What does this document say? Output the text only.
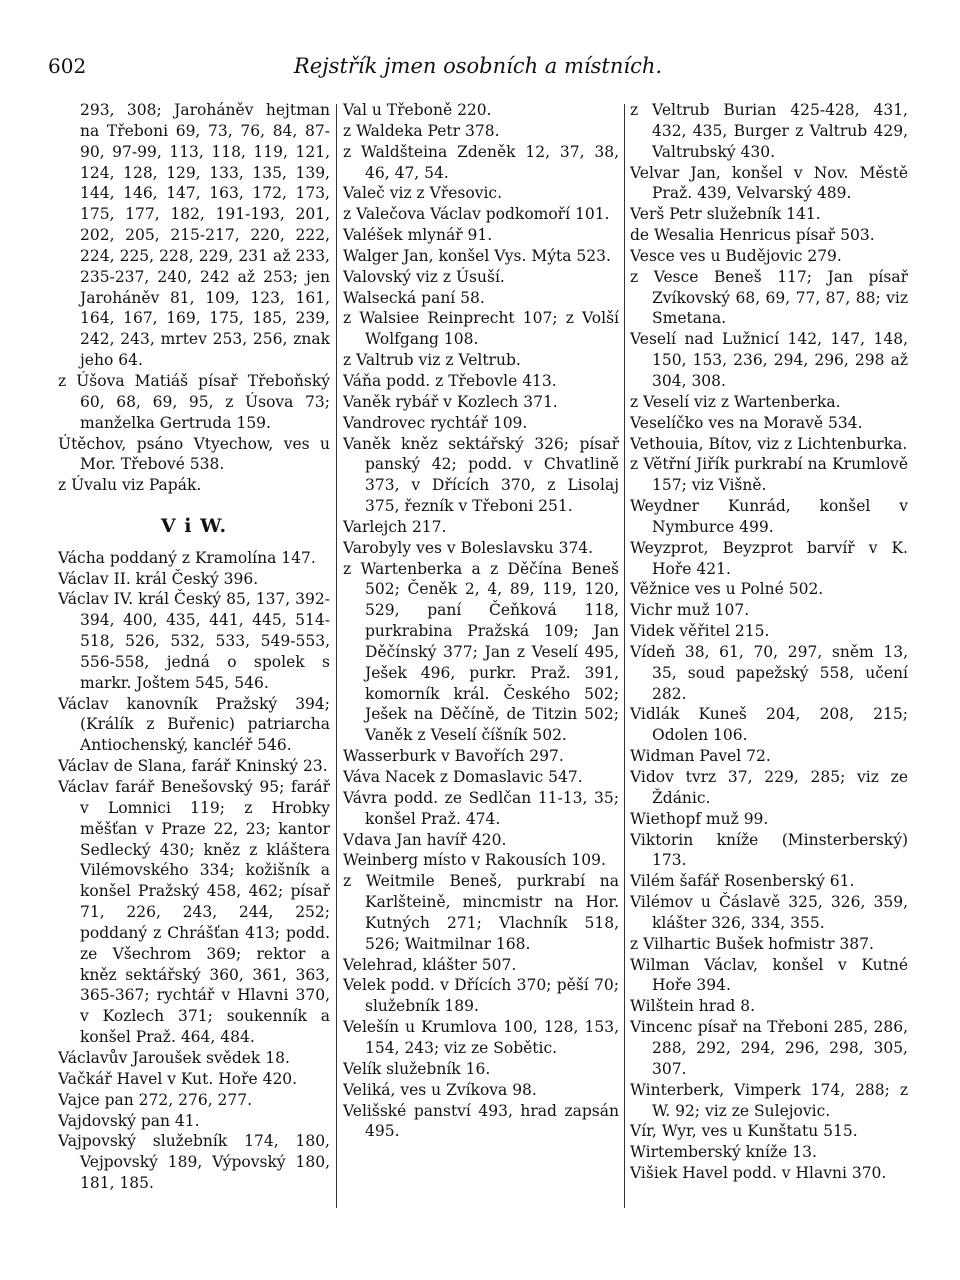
602	Rejstřík jmen osobních a místních.

293, 308; Jaroháněv hejtman na Třeboni 69, 73, 76, 84, 87-90, 97-99, 113, 118, 119, 121, 124, 128, 129, 133, 135, 139, 144, 146, 147, 163, 172, 173, 175, 177, 182, 191-193, 201, 202, 205, 215-217, 220, 222, 224, 225, 228, 229, 231 až 233, 235-237, 240, 242 až 253; jen Jaroháněv 81, 109, 123, 161, 164, 167, 169, 175, 185, 239, 242, 243, mrtev 253, 256, znak jeho 64.

z Úšova Matiáš písař Třeboňský 60, 68, 69, 95, z Úsova 73; manželka Gertruda 159.

Útěchov, psáno Vtyechow, ves u Mor. Třebové 538.

z Úvalu viz Papák.

V i W.

Vácha poddaný z Kramolína 147.

Václav II. král Český 396.

Václav IV. král Český 85, 137, 392-394, 400, 435, 441, 445, 514-518, 526, 532, 533, 549-553, 556-558, jedná o spolek s markr. Joštem 545, 546.

Václav kanovník Pražský 394; (Králík z Buřenic) patriarcha Antiochenský, kancléř 546.

Václav de Slana, farář Kninský 23.

Václav farář Benešovský 95; farář v Lomnici 119; z Hrobky měšťan v Praze 22, 23; kantor Sedlecký 430; kněz z kláštera Vilémovského 334; kožišník a konšel Pražský 458, 462; písař 71, 226, 243, 244, 252; poddaný z Chrášťan 413; podd. ze Všechrom 369; rektor a kněz sektářský 360, 361, 363, 365-367; rychtář v Hlavni 370, v Kozlech 371; soukenník a konšel Praž. 464, 484.

Václavův Jaroušek svědek 18.

Vačkář Havel v Kut. Hoře 420.

Vajce pan 272, 276, 277.

Vajdovský pan 41.

Vajpovský služebník 174, 180, Vejpovský 189, Výpovský 180, 181, 185.

Val u Třeboně 220.

z Waldeka Petr 378.

z Waldšteina Zdeněk 12, 37, 38, 46, 47, 54.

Valeč viz z Vřesovic.

z Valečova Václav podkomoří 101.

Valéšek mlynář 91.

Walger Jan, konšel Vys. Mýta 523.

Valovský viz z Úsuší.

Walsecká paní 58.

z Walsiee Reinprecht 107; z Volší Wolfgang 108.

z Valtrub viz z Veltrub.

Váňa podd. z Třebovle 413.

Vaněk rybář v Kozlech 371.

Vandrovec rychtář 109.

Vaněk kněz sektářský 326; písař panský 42; podd. v Chvatlině 373, v Dřících 370, z Lisolaj 375, řezník v Třeboni 251.

Varlejch 217.

Varobyly ves v Boleslavsku 374.

z Wartenberka a z Děčína Beneš 502; Čeněk 2, 4, 89, 119, 120, 529, paní Čeňková 118, purkrabina Pražská 109; Jan Děčínský 377; Jan z Veselí 495, Ješek 496, purkr. Praž. 391, komorník král. Českého 502; Ješek na Děčíně, de Titzin 502; Vaněk z Veselí číšník 502.

Wasserburk v Bavořích 297.

Váva Nacek z Domaslavic 547.

Vávra podd. ze Sedlčan 11-13, 35; konšel Praž. 474.

Vdava Jan havíř 420.

Weinberg místo v Rakousích 109.

z Weitmile Beneš, purkrabí na Karlšteině, mincmistr na Hor. Kutných 271; Vlachník 518, 526; Waitmilnar 168.

Velehrad, klášter 507.

Velek podd. v Dřících 370; pěší 70; služebník 189.

Velešín u Krumlova 100, 128, 153, 154, 243; viz ze Sobětic.

Velík služebník 16.

Veliká, ves u Zvíkova 98.

Velišské panství 493, hrad zapsán 495.

z Veltrub Burian 425-428, 431, 432, 435, Burger z Valtrub 429, Valtrubský 430.

Velvar Jan, konšel v Nov. Městě Praž. 439, Velvarský 489.

Verš Petr služebník 141.

de Wesalia Henricus písař 503.

Vesce ves u Budějovic 279.

z Vesce Beneš 117; Jan písař Zvíkovský 68, 69, 77, 87, 88; viz Smetana.

Veselí nad Lužnicí 142, 147, 148, 150, 153, 236, 294, 296, 298 až 304, 308.

z Veselí viz z Wartenberka.

Veselíčko ves na Moravě 534.

Vethouia, Bítov, viz z Lichtenburka.

z Větřní Jiřík purkrabí na Krumlově 157; viz Višně.

Weydner Kunrád, konšel v Nymburce 499.

Weyzprot, Beyzprot barvíř v K. Hoře 421.

Věžnice ves u Polné 502.

Vichr muž 107.

Videk věřitel 215.

Vídeň 38, 61, 70, 297, sněm 13, 35, soud papežský 558, učení 282.

Vidlák Kuneš 204, 208, 215; Odolen 106.

Widman Pavel 72.

Vidov tvrz 37, 229, 285; viz ze Ždánic.

Wiethopf muž 99.

Viktorin kníže (Minsterberský) 173.

Vilém šafář Rosenberský 61.

Vilémov u Čáslavě 325, 326, 359, klášter 326, 334, 355.

z Vilhartic Bušek hofmistr 387.

Wilman Václav, konšel v Kutné Hoře 394.

Wilštein hrad 8.

Vincenc písař na Třeboni 285, 286, 288, 292, 294, 296, 298, 305, 307.

Winterberk, Vimperk 174, 288; z W. 92; viz ze Sulejovic.

Vír, Wyr, ves u Kunštatu 515.

Wirtemberský kníže 13.

Višiek Havel podd. v Hlavni 370.
